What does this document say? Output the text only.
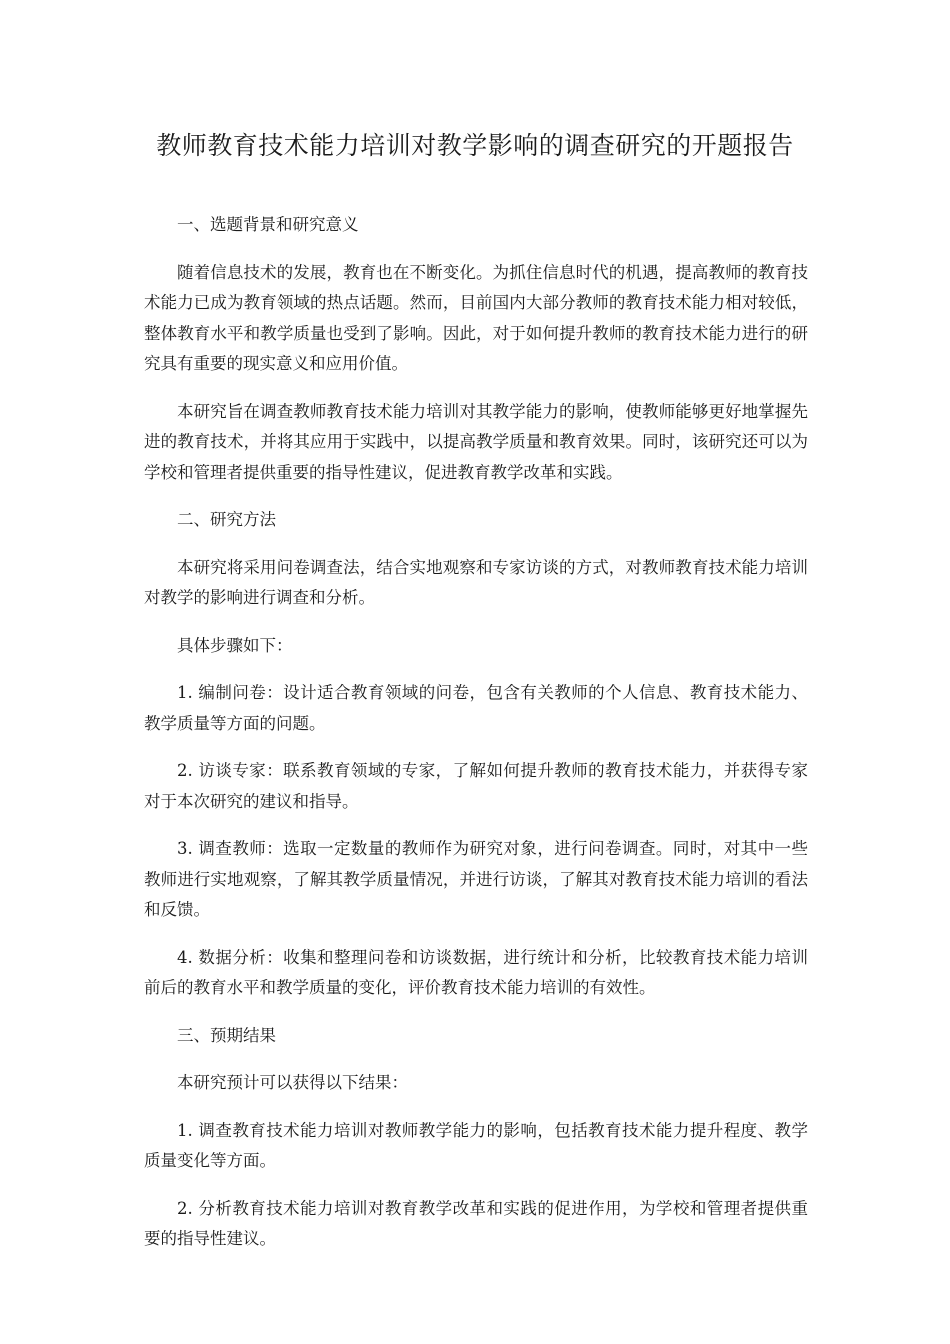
教师教育技术能力培训对教学影响的调查研究的开题报告

一、选题背景和研究意义

随着信息技术的发展，教育也在不断变化。为抓住信息时代的机遇，提高教师的教育技术能力已成为教育领域的热点话题。然而，目前国内大部分教师的教育技术能力相对较低，整体教育水平和教学质量也受到了影响。因此，对于如何提升教师的教育技术能力进行的研究具有重要的现实意义和应用价值。

本研究旨在调查教师教育技术能力培训对其教学能力的影响，使教师能够更好地掌握先进的教育技术，并将其应用于实践中，以提高教学质量和教育效果。同时，该研究还可以为学校和管理者提供重要的指导性建议，促进教育教学改革和实践。

二、研究方法

本研究将采用问卷调查法，结合实地观察和专家访谈的方式，对教师教育技术能力培训对教学的影响进行调查和分析。

具体步骤如下：

1. 编制问卷：设计适合教育领域的问卷，包含有关教师的个人信息、教育技术能力、教学质量等方面的问题。

2. 访谈专家：联系教育领域的专家，了解如何提升教师的教育技术能力，并获得专家对于本次研究的建议和指导。

3. 调查教师：选取一定数量的教师作为研究对象，进行问卷调查。同时，对其中一些教师进行实地观察，了解其教学质量情况，并进行访谈，了解其对教育技术能力培训的看法和反馈。

4. 数据分析：收集和整理问卷和访谈数据，进行统计和分析，比较教育技术能力培训前后的教育水平和教学质量的变化，评价教育技术能力培训的有效性。

三、预期结果

本研究预计可以获得以下结果：

1. 调查教育技术能力培训对教师教学能力的影响，包括教育技术能力提升程度、教学质量变化等方面。

2. 分析教育技术能力培训对教育教学改革和实践的促进作用，为学校和管理者提供重要的指导性建议。
